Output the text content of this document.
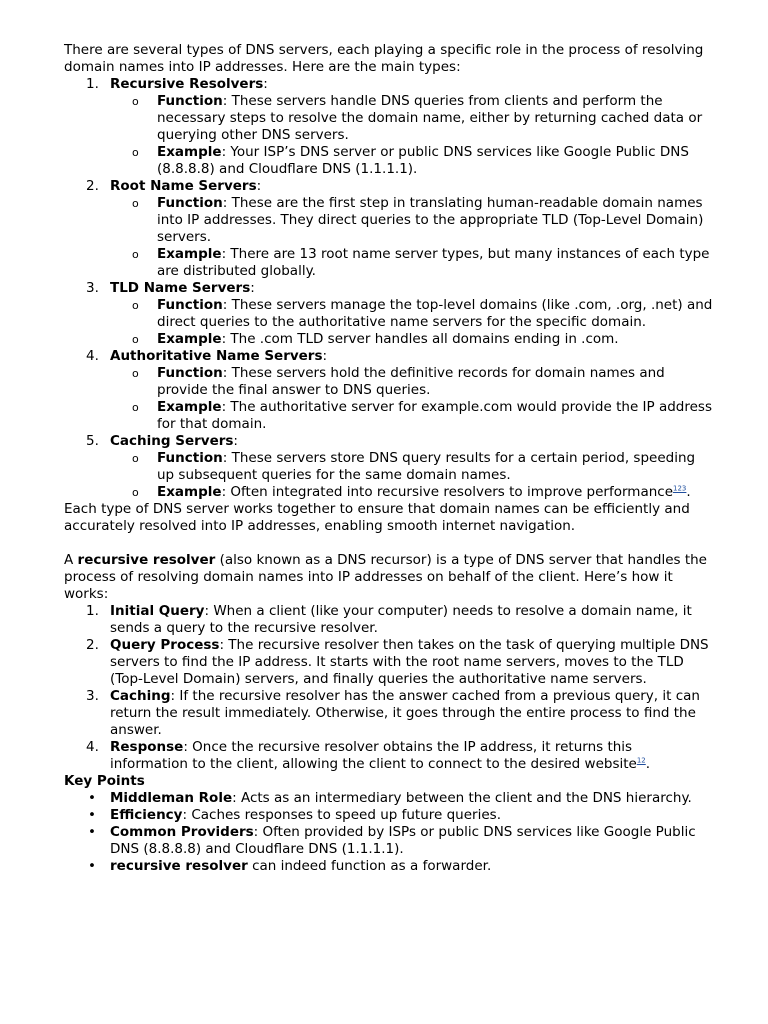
There are several types of DNS servers, each playing a specific role in the process of resolving domain names into IP addresses. Here are the main types:

1. Recursive Resolvers:
o Function: These servers handle DNS queries from clients and perform the necessary steps to resolve the domain name, either by returning cached data or querying other DNS servers.
o Example: Your ISP’s DNS server or public DNS services like Google Public DNS (8.8.8.8) and Cloudflare DNS (1.1.1.1).
2. Root Name Servers:
o Function: These are the first step in translating human-readable domain names into IP addresses. They direct queries to the appropriate TLD (Top-Level Domain) servers.
o Example: There are 13 root name server types, but many instances of each type are distributed globally.
3. TLD Name Servers:
o Function: These servers manage the top-level domains (like .com, .org, .net) and direct queries to the authoritative name servers for the specific domain.
o Example: The .com TLD server handles all domains ending in .com.
4. Authoritative Name Servers:
o Function: These servers hold the definitive records for domain names and provide the final answer to DNS queries.
o Example: The authoritative server for example.com would provide the IP address for that domain.
5. Caching Servers:
o Function: These servers store DNS query results for a certain period, speeding up subsequent queries for the same domain names.
o Example: Often integrated into recursive resolvers to improve performance$^{123}$.

Each type of DNS server works together to ensure that domain names can be efficiently and accurately resolved into IP addresses, enabling smooth internet navigation.

A recursive resolver (also known as a DNS recursor) is a type of DNS server that handles the process of resolving domain names into IP addresses on behalf of the client. Here’s how it works:

1. Initial Query: When a client (like your computer) needs to resolve a domain name, it sends a query to the recursive resolver.
2. Query Process: The recursive resolver then takes on the task of querying multiple DNS servers to find the IP address. It starts with the root name servers, moves to the TLD (Top-Level Domain) servers, and finally queries the authoritative name servers.
3. Caching: If the recursive resolver has the answer cached from a previous query, it can return the result immediately. Otherwise, it goes through the entire process to find the answer.
4. Response: Once the recursive resolver obtains the IP address, it returns this information to the client, allowing the client to connect to the desired website$^{12}$.

Key Points

• Middleman Role: Acts as an intermediary between the client and the DNS hierarchy.
• Efficiency: Caches responses to speed up future queries.
• Common Providers: Often provided by ISPs or public DNS services like Google Public DNS (8.8.8.8) and Cloudflare DNS (1.1.1.1).
• recursive resolver can indeed function as a forwarder.
